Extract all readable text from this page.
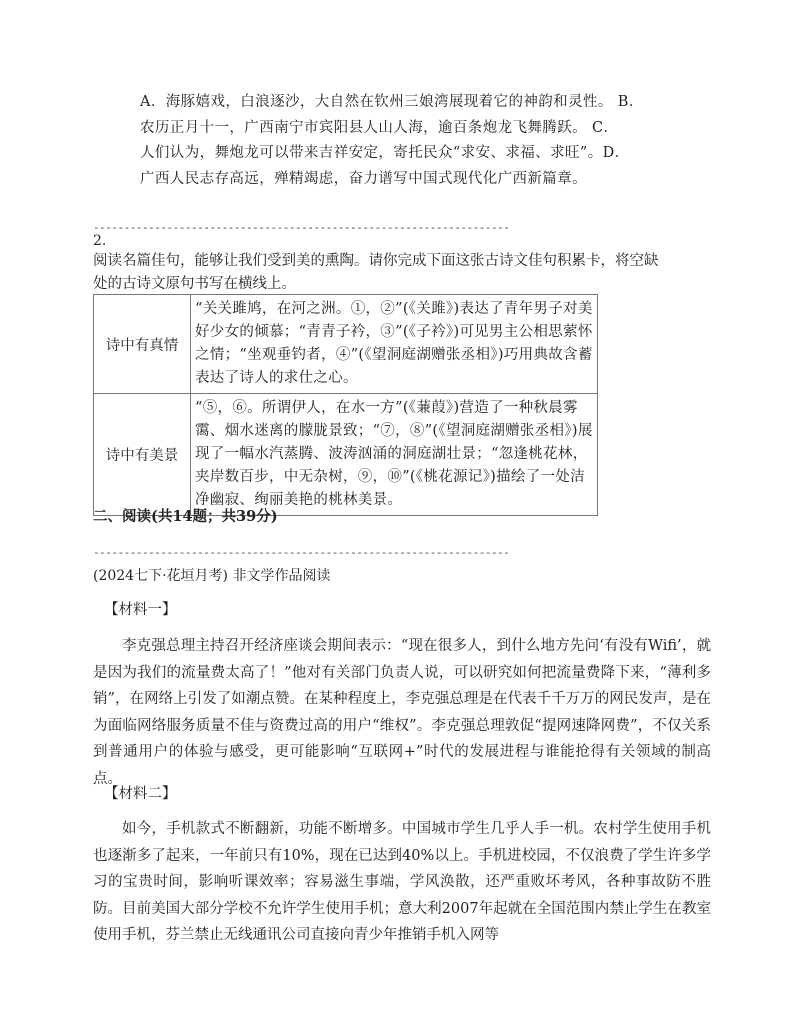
A．海豚嬉戏，白浪逐沙，大自然在钦州三娘湾展现着它的神韵和灵性。 B．

农历正月十一，广西南宁市宾阳县人山人海，逾百条炮龙飞舞腾跃。 C．

人们认为，舞炮龙可以带来吉祥安定，寄托民众“求安、求福、求旺”。D．

广西人民志存高远，殚精竭虑，奋力谱写中国式现代化广西新篇章。

--------------------------------------------------------------------
2.

阅读名篇佳句，能够让我们受到美的熏陶。请你完成下面这张古诗文佳句积累卡，将空缺

处的古诗文原句书写在横线上。

诗中有真情	“关关雎鸠，在河之洲。①，②”(《关雎》)表达了青年男子对美好少女的倾慕；“青青子衿，③”(《子衿》)可见男主公相思萦怀之情；“坐观垂钓者，④”(《望洞庭湖赠张丞相》)巧用典故含蓄表达了诗人的求仕之心。
诗中有美景	“⑤，⑥。所谓伊人，在水一方”(《蒹葭》)营造了一种秋晨雾霭、烟水迷离的朦胧景致；“⑦，⑧”(《望洞庭湖赠张丞相》)展现了一幅水汽蒸腾、波涛汹涌的洞庭湖壮景；“忽逢桃花林，夹岸数百步，中无杂树，⑨，⑩”(《桃花源记》)描绘了一处洁净幽寂、绚丽美艳的桃林美景。
二、阅读(共14题；共39分)
--------------------------------------------------------------------
(2024七下·花垣月考) 非文学作品阅读
【材料一】

李克强总理主持召开经济座谈会期间表示：“现在很多人，到什么地方先问‘有没有Wifi’，就是因为我们的流量费太高了！”他对有关部门负责人说，可以研究如何把流量费降下来，“薄利多销”，在网络上引发了如潮点赞。在某种程度上，李克强总理是在代表千千万万的网民发声，是在为面临网络服务质量不佳与资费过高的用户“维权”。李克强总理敦促“提网速降网费”，不仅关系到普通用户的体验与感受，更可能影响“互联网+”时代的发展进程与谁能抢得有关领域的制高点。

【材料二】

如今，手机款式不断翻新，功能不断增多。中国城市学生几乎人手一机。农村学生使用手机也逐渐多了起来，一年前只有10%，现在已达到40%以上。手机进校园，不仅浪费了学生许多学习的宝贵时间，影响听课效率；容易滋生事端，学风涣散，还严重败坏考风，各种事故防不胜防。目前美国大部分学校不允许学生使用手机；意大利2007年起就在全国范围内禁止学生在教室使用手机，芬兰禁止无线通讯公司直接向青少年推销手机入网等
